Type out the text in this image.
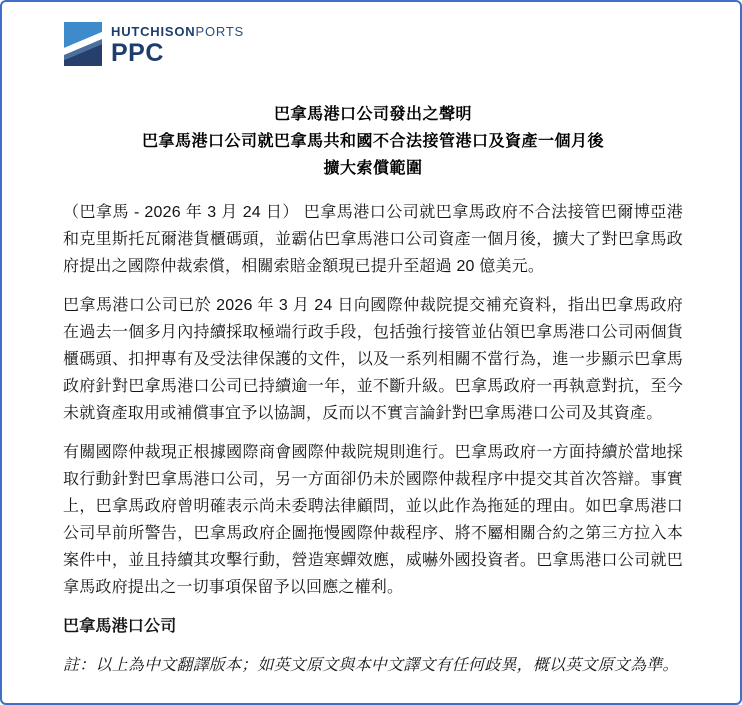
HUTCHISONPORTS
PPC
巴拿馬港口公司發出之聲明
巴拿馬港口公司就巴拿馬共和國不合法接管港口及資產一個月後
擴大索償範圍

（巴拿馬 - 2026 年 3 月 24 日） 巴拿馬港口公司就巴拿馬政府不合法接管巴爾博亞港和克里斯托瓦爾港貨櫃碼頭，並霸佔巴拿馬港口公司資產一個月後，擴大了對巴拿馬政府提出之國際仲裁索償，相關索賠金額現已提升至超過 20 億美元。

巴拿馬港口公司已於 2026 年 3 月 24 日向國際仲裁院提交補充資料，指出巴拿馬政府在過去一個多月內持續採取極端行政手段，包括強行接管並佔領巴拿馬港口公司兩個貨櫃碼頭、扣押專有及受法律保護的文件，以及一系列相關不當行為，進一步顯示巴拿馬政府針對巴拿馬港口公司已持續逾一年，並不斷升級。巴拿馬政府一再執意對抗，至今未就資產取用或補償事宜予以協調，反而以不實言論針對巴拿馬港口公司及其資產。

有關國際仲裁現正根據國際商會國際仲裁院規則進行。巴拿馬政府一方面持續於當地採取行動針對巴拿馬港口公司，另一方面卻仍未於國際仲裁程序中提交其首次答辯。事實上，巴拿馬政府曾明確表示尚未委聘法律顧問，並以此作為拖延的理由。如巴拿馬港口公司早前所警告，巴拿馬政府企圖拖慢國際仲裁程序、將不屬相關合約之第三方拉入本案件中，並且持續其攻擊行動，營造寒蟬效應，威嚇外國投資者。巴拿馬港口公司就巴拿馬政府提出之一切事項保留予以回應之權利。

巴拿馬港口公司

註：以上為中文翻譯版本；如英文原文與本中文譯文有任何歧異，概以英文原文為準。
